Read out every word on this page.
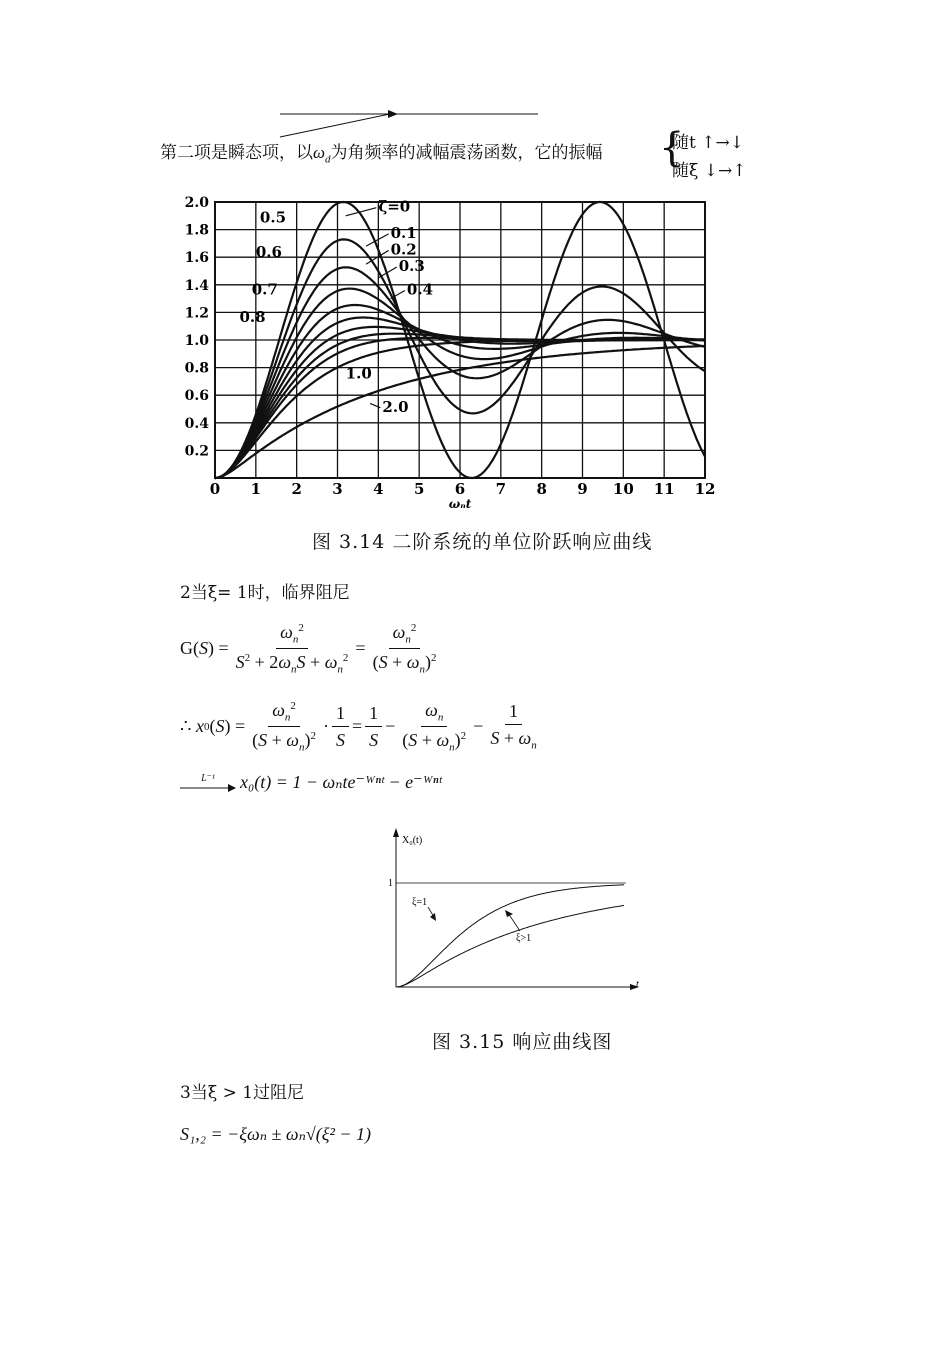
第二项是瞬态项，以$\omega_d$为角频率的减幅震荡函数，它的振幅 {
随t ↑→↓
随ξ ↓→↑
0 1 2 3 4 5 6 7 8 9 10 11 12
0.2
0.4
0.6
0.8
1.0
1.2
1.4
1.6
1.8
2.0
ωₙt
ζ=0
0.1
0.2
0.3
0.4
0.5
0.6
0.7
0.8
1.0
2.0
图 3.14 二阶系统的单位阶跃响应曲线
2当ξ= 1时，临界阻尼
G ( S ) = $\frac{\omega_n^2}{S^2 + 2\omega_nS + \omega_n^2} = \frac{\omega_n^2}{(S + \omega_n)^2}$
∴
x 0 ( S ) = $\frac{\omega_n^2}{(S + \omega_n)^2} \cdot \frac{1}{S} = \frac{1}{S} - \frac{\omega_n}{(S + \omega_n)^2} - \frac{1}{S + \omega_n}$
L⁻¹ x₀(t) = 1 − ωₙte⁻ᵂⁿᵗ − e⁻ᵂⁿᵗ
X₀(t)
t
1
ξ=1
ξ>1
图 3.15 响应曲线图
3当ξ > 1过阻尼
S₁,₂ = −ξωₙ ± ωₙ√(ξ² − 1)
